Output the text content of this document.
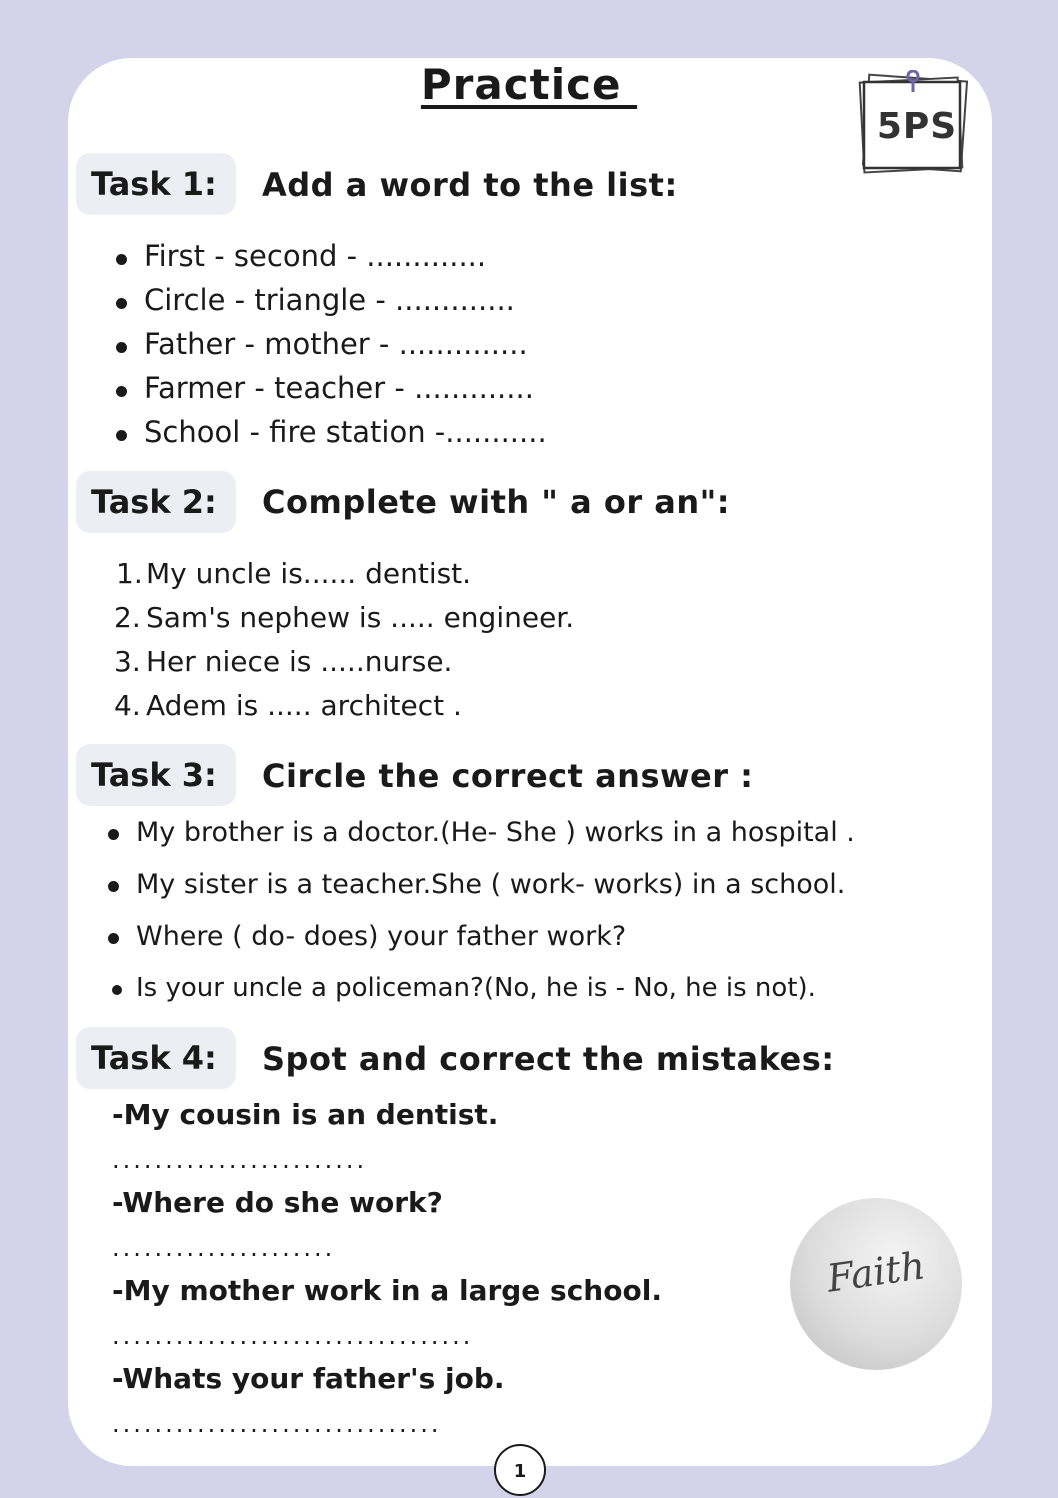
Practice
5PS
Task 1:	Add a word to the list:
First - second - .............
Circle - triangle - .............
Father - mother - ..............
Farmer - teacher - .............
School - fire station -...........
Task 2:	Complete with " a or an":
1. My uncle is...... dentist.
2. Sam's nephew is ..... engineer.
3. Her niece is .....nurse.
4. Adem is ..... architect .
Task 3:	Circle the correct answer :
My brother is a doctor.(He- She ) works in a hospital .
My sister is a teacher.She ( work- works) in a school.
Where ( do- does) your father work?
Is your uncle a policeman?(No, he is - No, he is not).
Task 4:	Spot and correct the mistakes:
-My cousin is an dentist.
........................
-Where do she work?
.....................
-My mother work in a large school.
..................................
-Whats your father's job.
...............................
Faith
1
